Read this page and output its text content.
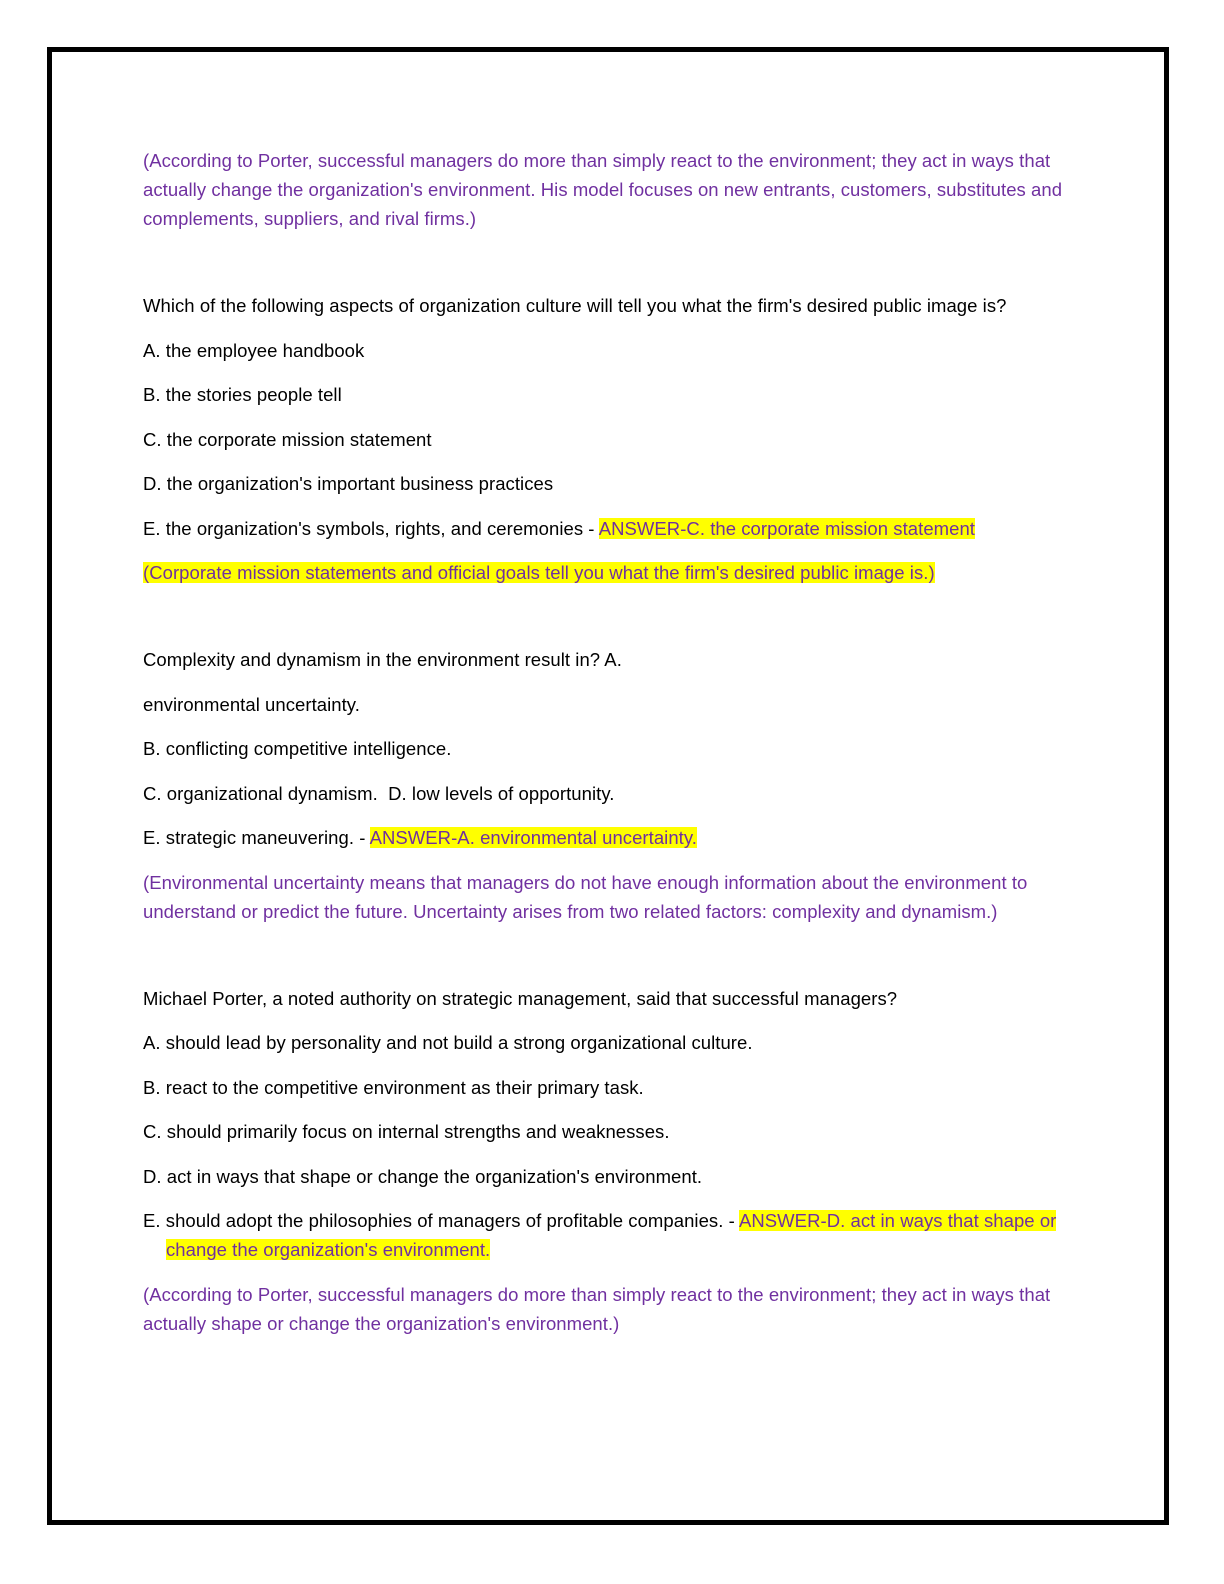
(According to Porter, successful managers do more than simply react to the environment; they act in ways that actually change the organization's environment. His model focuses on new entrants, customers, substitutes and complements, suppliers, and rival firms.)

Which of the following aspects of organization culture will tell you what the firm's desired public image is?

A. the employee handbook

B. the stories people tell

C. the corporate mission statement

D. the organization's important business practices

E. the organization's symbols, rights, and ceremonies - ANSWER-C. the corporate mission statement

(Corporate mission statements and official goals tell you what the firm's desired public image is.)

Complexity and dynamism in the environment result in? A.

environmental uncertainty.

B. conflicting competitive intelligence.

C. organizational dynamism.  D. low levels of opportunity.

E. strategic maneuvering. - ANSWER-A. environmental uncertainty.

(Environmental uncertainty means that managers do not have enough information about the environment to understand or predict the future. Uncertainty arises from two related factors: complexity and dynamism.)

Michael Porter, a noted authority on strategic management, said that successful managers?

A. should lead by personality and not build a strong organizational culture.

B. react to the competitive environment as their primary task.

C. should primarily focus on internal strengths and weaknesses.

D. act in ways that shape or change the organization's environment.

E. should adopt the philosophies of managers of profitable companies. - ANSWER-D. act in ways that shape or change the organization's environment.

(According to Porter, successful managers do more than simply react to the environment; they act in ways that actually shape or change the organization's environment.)
